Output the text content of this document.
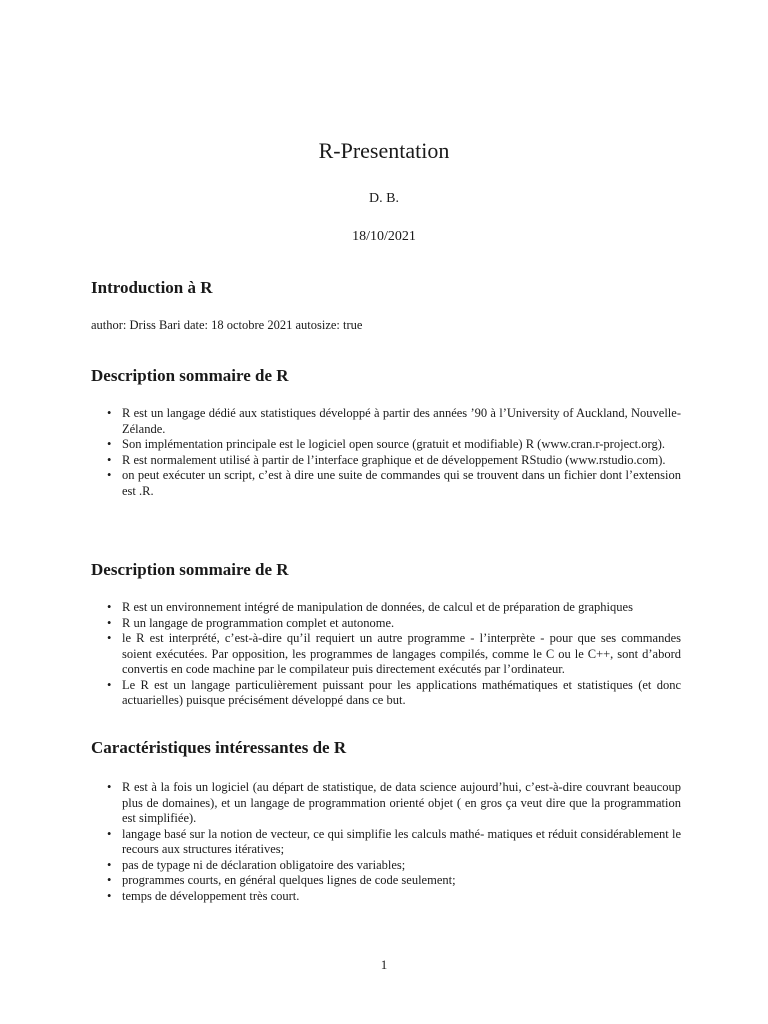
R-Presentation
D. B.
18/10/2021
Introduction à R

author: Driss Bari date: 18 octobre 2021 autosize: true

Description sommaire de R
• R est un langage dédié aux statistiques développé à partir des années ’90 à l’University of Auckland, Nouvelle-Zélande.
• Son implémentation principale est le logiciel open source (gratuit et modifiable) R (www.cran.r-project.org).
• R est normalement utilisé à partir de l’interface graphique et de développement RStudio (www.rstudio.com).
• on peut exécuter un script, c’est à dire une suite de commandes qui se trouvent dans un fichier dont l’extension est .R.
Description sommaire de R
• R est un environnement intégré de manipulation de données, de calcul et de préparation de graphiques
• R un langage de programmation complet et autonome.
• le R est interprété, c’est-à-dire qu’il requiert un autre programme - l’interprète - pour que ses commandes soient exécutées. Par opposition, les programmes de langages compilés, comme le C ou le C++, sont d’abord convertis en code machine par le compilateur puis directement exécutés par l’ordinateur.
• Le R est un langage particulièrement puissant pour les applications mathématiques et statistiques (et donc actuarielles) puisque précisément développé dans ce but.
Caractéristiques intéressantes de R
• R est à la fois un logiciel (au départ de statistique, de data science aujourd’hui, c’est-à-dire couvrant beaucoup plus de domaines), et un langage de programmation orienté objet ( en gros ça veut dire que la programmation est simplifiée).
• langage basé sur la notion de vecteur, ce qui simplifie les calculs mathé- matiques et réduit considérablement le recours aux structures itératives;
• pas de typage ni de déclaration obligatoire des variables;
• programmes courts, en général quelques lignes de code seulement;
• temps de développement très court.
1
